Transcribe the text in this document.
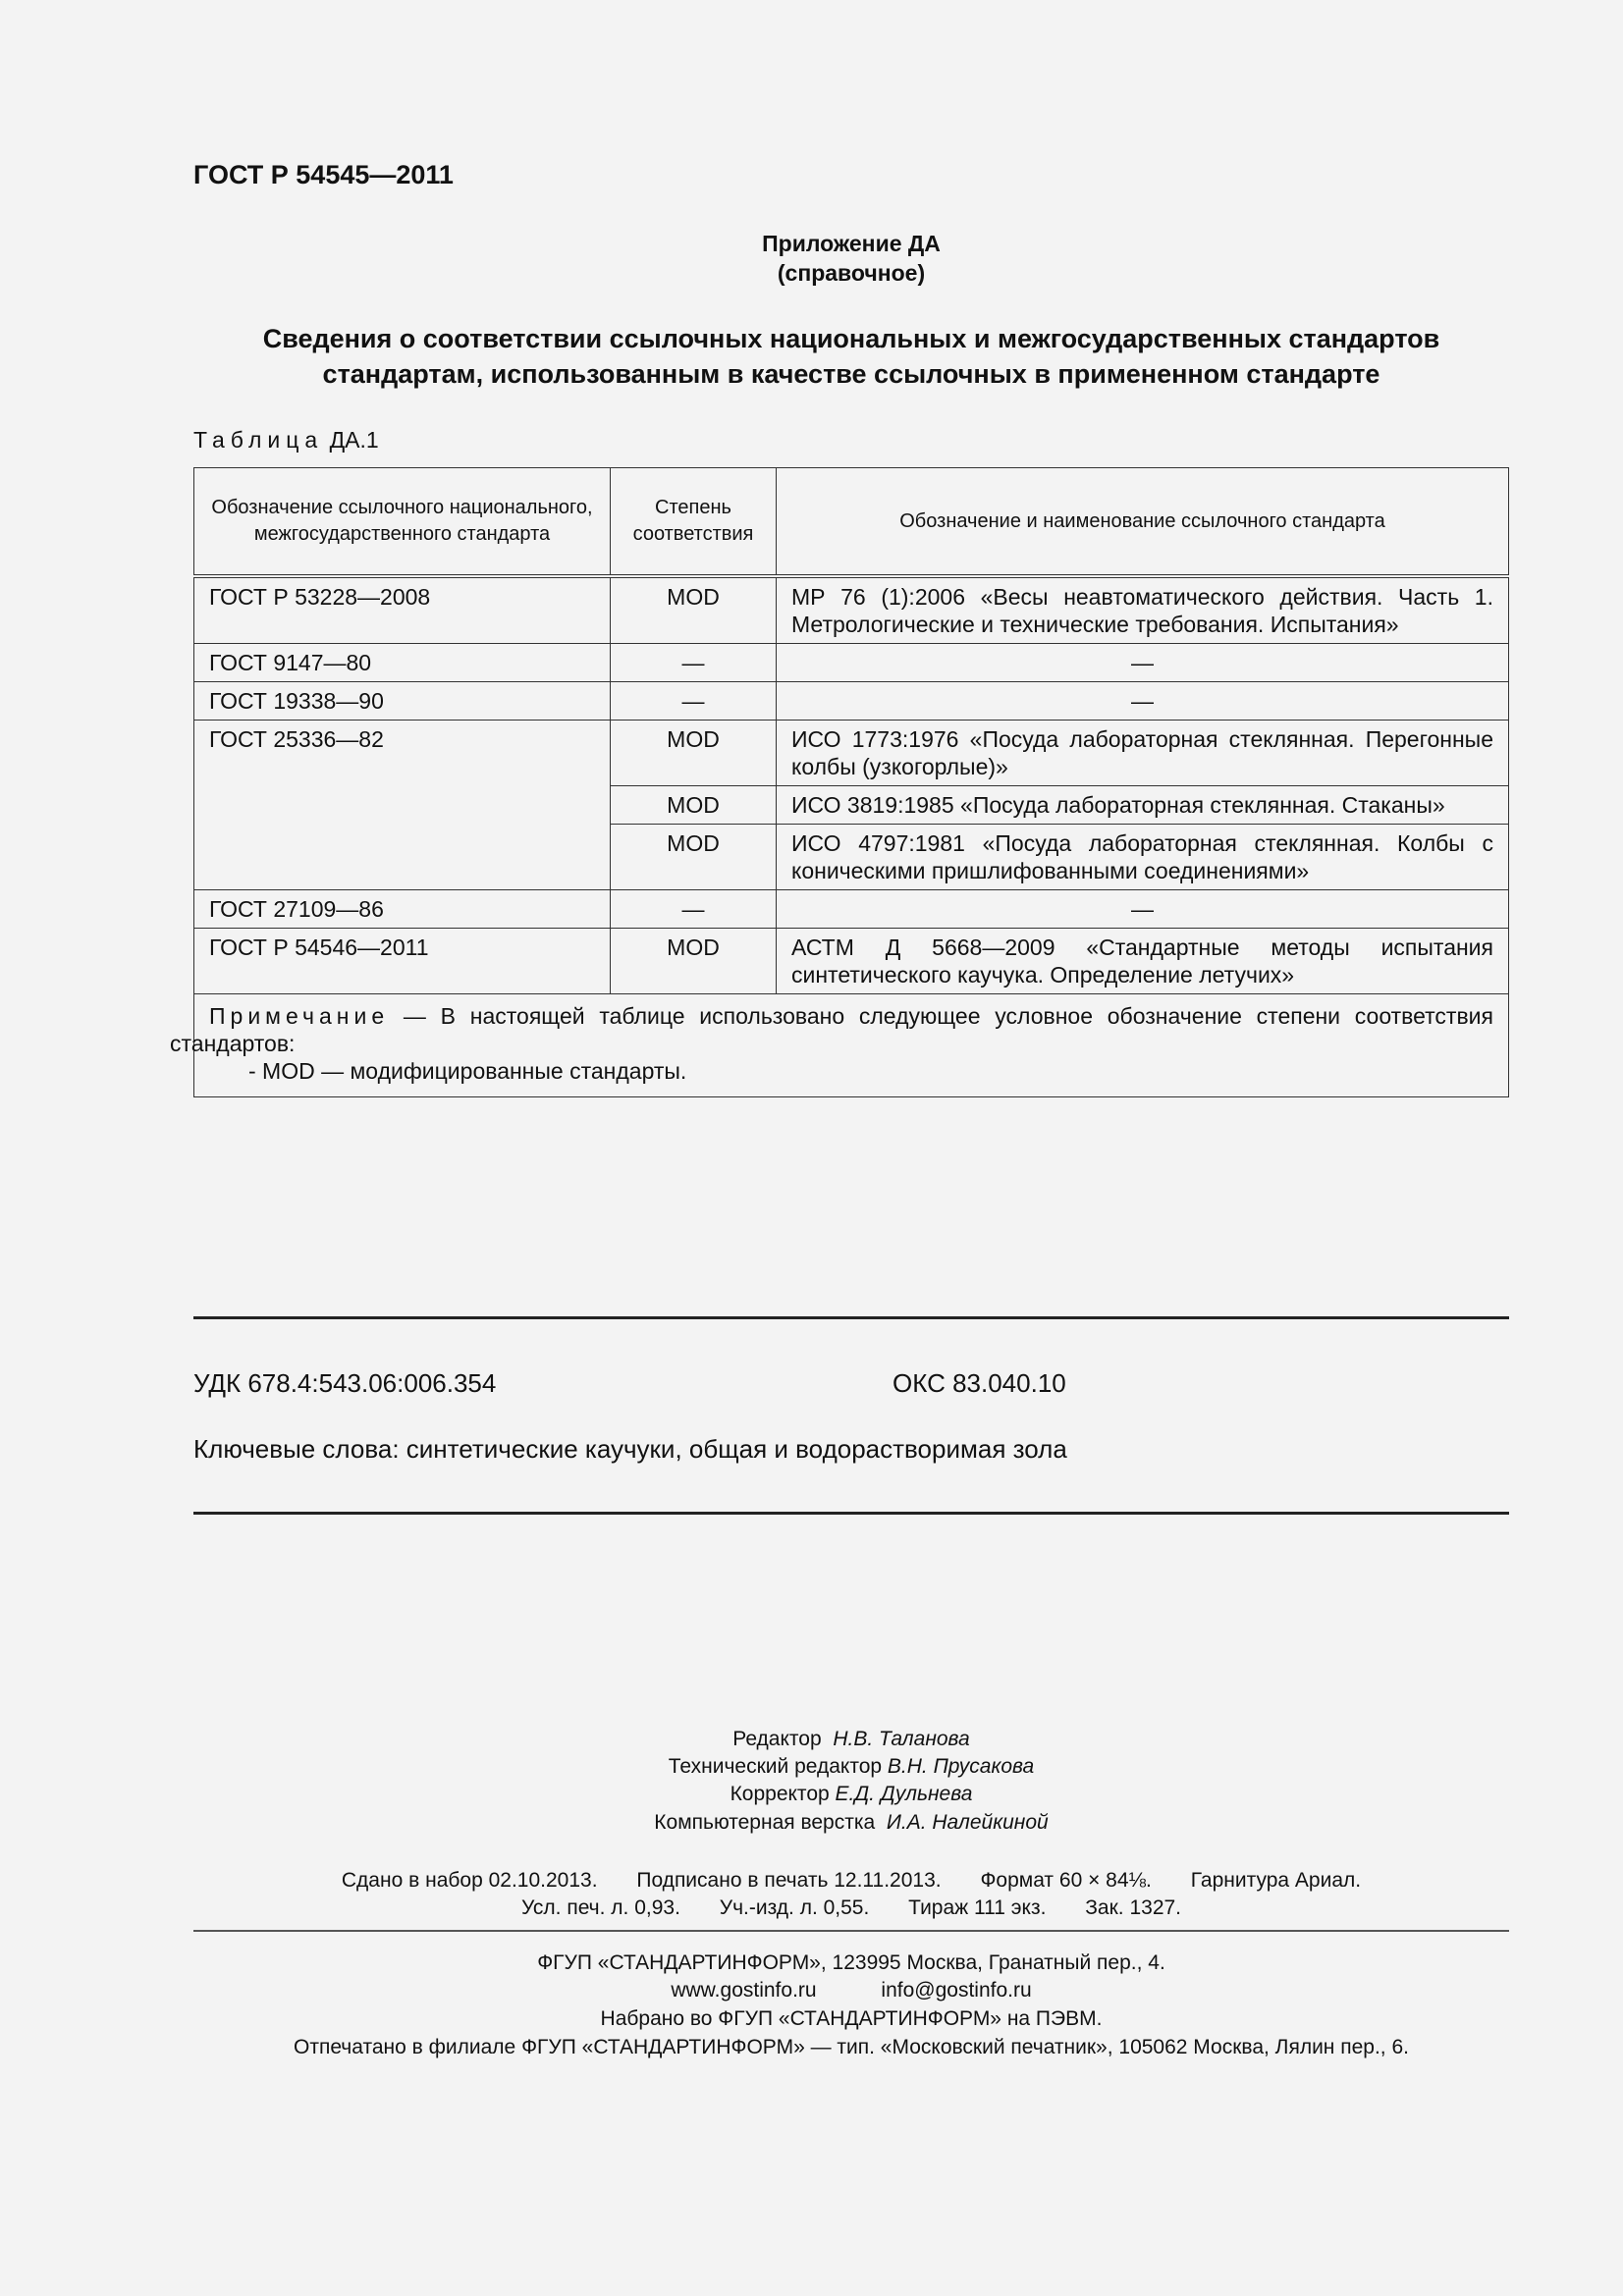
ГОСТ Р 54545—2011
Приложение ДА
(справочное)
Сведения о соответствии ссылочных национальных и межгосударственных стандартов
стандартам, использованным в качестве ссылочных в примененном стандарте
Таблица ДА.1
Обозначение ссылочного национального, межгосударственного стандарта	Степень соответствия	Обозначение и наименование ссылочного стандарта
ГОСТ Р 53228—2008	MOD	МР 76 (1):2006 «Весы неавтоматического действия. Часть 1. Метрологические и технические требования. Испытания»
ГОСТ 9147—80	—	—
ГОСТ 19338—90	—	—
ГОСТ 25336—82	MOD	ИСО 1773:1976 «Посуда лабораторная стеклянная. Перегонные колбы (узкогорлые)»
	MOD	ИСО 3819:1985 «Посуда лабораторная стеклянная. Стаканы»
	MOD	ИСО 4797:1981 «Посуда лабораторная стеклянная. Колбы с коническими пришлифованными соединениями»
ГОСТ 27109—86	—	—
ГОСТ Р 54546—2011	MOD	АСТМ Д 5668—2009 «Стандартные методы испытания синтетического каучука. Определение летучих»

Примечание — В настоящей таблице использовано следующее условное обозначение степени соответствия стандартов:
- MOD — модифицированные стандарты.		
УДК 678.4:543.06:006.354	ОКС 83.040.10
Ключевые слова: синтетические каучуки, общая и водорастворимая зола
Редактор Н.В. Таланова
Технический редактор В.Н. Прусакова
Корректор Е.Д. Дульнева
Компьютерная верстка И.А. Налейкиной
Сдано в набор 02.10.2013. Подписано в печать 12.11.2013. Формат 60 × 84⅛. Гарнитура Ариал.
Усл. печ. л. 0,93. Уч.-изд. л. 0,55. Тираж 111 экз. Зак. 1327.
ФГУП «СТАНДАРТИНФОРМ», 123995 Москва, Гранатный пер., 4.
www.gostinfo.ru	info@gostinfo.ru
Набрано во ФГУП «СТАНДАРТИНФОРМ» на ПЭВМ.
Отпечатано в филиале ФГУП «СТАНДАРТИНФОРМ» — тип. «Московский печатник», 105062 Москва, Лялин пер., 6.
